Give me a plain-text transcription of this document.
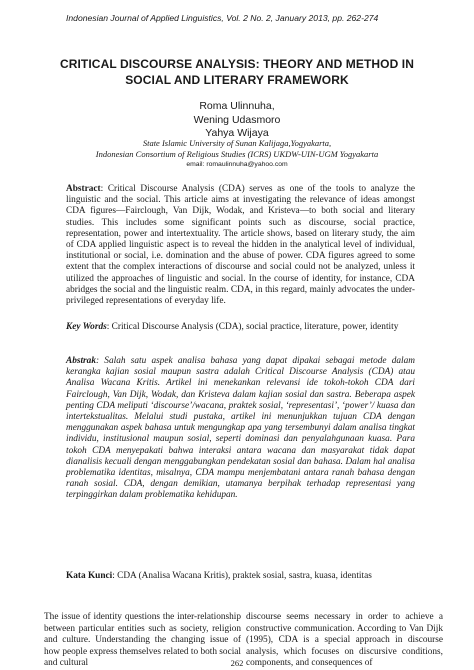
Indonesian Journal of Applied Linguistics, Vol. 2 No. 2, January 2013, pp. 262-274
CRITICAL DISCOURSE ANALYSIS: THEORY AND METHOD IN
SOCIAL AND LITERARY FRAMEWORK
Roma Ulinnuha,
Wening Udasmoro
Yahya Wijaya
State Islamic University of Sunan Kalijaga,Yogyakarta,
Indonesian Consortium of Religious Studies (ICRS) UKDW-UIN-UGM Yogyakarta
email: romaulinnuha@yahoo.com
Abstract: Critical Discourse Analysis (CDA) serves as one of the tools to analyze the linguistic and the social. This article aims at investigating the relevance of ideas amongst CDA figures—Fairclough, Van Dijk, Wodak, and Kristeva—to both social and literary studies. This includes some significant points such as discourse, social practice, representation, power and intertextuality. The article shows, based on literary study, the aim of CDA applied linguistic aspect is to reveal the hidden in the analytical level of individual, institutional or social, i.e. domination and the abuse of power. CDA figures agreed to some extent that the complex interactions of discourse and social could not be analyzed, unless it utilized the approaches of linguistic and social. In the course of identity, for instance, CDA abridges the social and the linguistic realm. CDA, in this regard, mainly advocates the under-privileged representations of everyday life.
Key Words: Critical Discourse Analysis (CDA), social practice, literature, power, identity
Abstrak: Salah satu aspek analisa bahasa yang dapat dipakai sebagai metode dalam kerangka kajian sosial maupun sastra adalah Critical Discourse Analysis (CDA) atau Analisa Wacana Kritis. Artikel ini menekankan relevansi ide tokoh-tokoh CDA dari Fairclough, Van Dijk, Wodak, dan Kristeva dalam kajian sosial dan sastra. Beberapa aspek penting CDA meliputi ‘discourse’/wacana, praktek sosial, ‘representasi’, ‘power’/ kuasa dan intertekstualitas. Melalui studi pustaka, artikel ini menunjukkan tujuan CDA dengan menggunakan aspek bahasa untuk mengungkap apa yang tersembunyi dalam analisa tingkat individu, institusional maupun sosial, seperti dominasi dan penyalahgunaan kuasa. Para tokoh CDA menyepakati bahwa interaksi antara wacana dan masyarakat tidak dapat dianalisis kecuali dengan menggabungkan pendekatan sosial dan bahasa. Dalam hal analisa problematika identitas, misalnya, CDA mampu menjembatani antara ranah bahasa dengan ranah sosial. CDA, dengan demikian, utamanya berpihak terhadap representasi yang terpinggirkan dalam problematika kehidupan.
Kata Kunci: CDA (Analisa Wacana Kritis), praktek sosial, sastra, kuasa, identitas
The issue of identity questions the inter-relationship between particular entities such as society, religion and culture. Understanding the changing issue of how people express themselves related to both social and cultural
discourse seems necessary in order to achieve a constructive communication. According to Van Dijk (1995), CDA is a special approach in discourse analysis, which focuses on discursive conditions, components, and consequences of
262
